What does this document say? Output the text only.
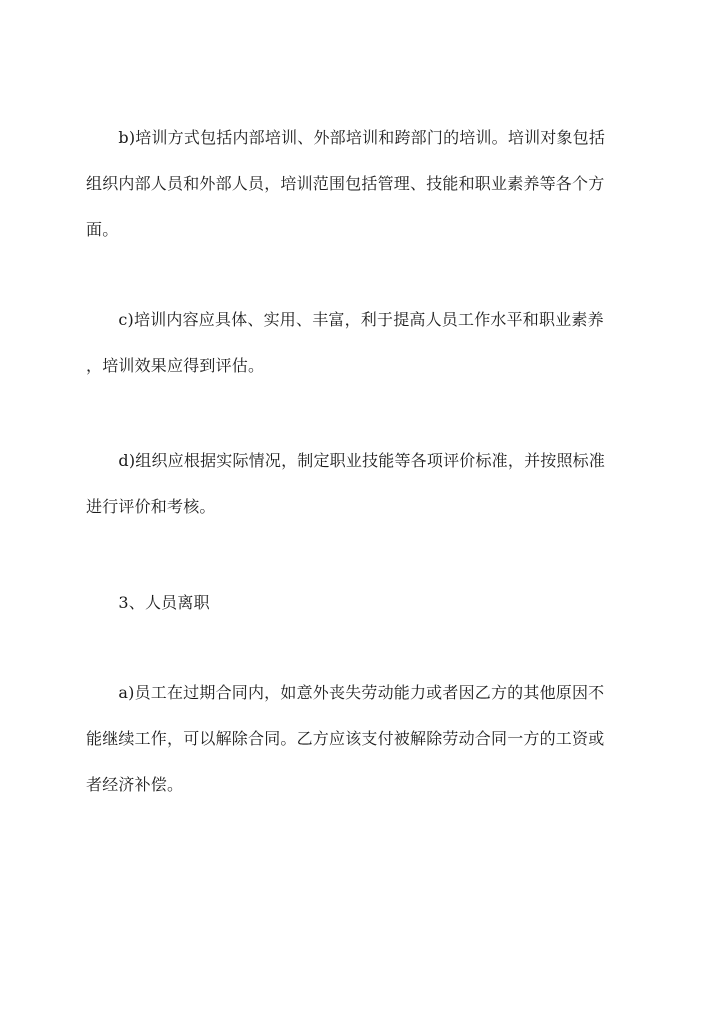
　　b)培训方式包括内部培训、外部培训和跨部门的培训。培训对象包括
组织内部人员和外部人员，培训范围包括管理、技能和职业素养等各个方
面。

　　c)培训内容应具体、实用、丰富，利于提高人员工作水平和职业素养
，培训效果应得到评估。

　　d)组织应根据实际情况，制定职业技能等各项评价标准，并按照标准
进行评价和考核。

　　3、人员离职

　　a)员工在过期合同内，如意外丧失劳动能力或者因乙方的其他原因不
能继续工作，可以解除合同。乙方应该支付被解除劳动合同一方的工资或
者经济补偿。
